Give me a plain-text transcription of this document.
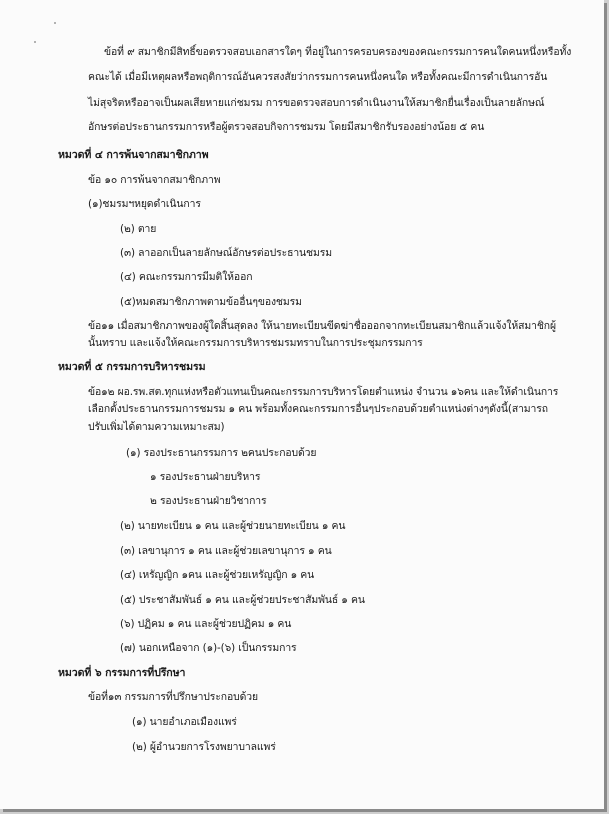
ข้อที่ ๙ สมาชิกมีสิทธิ์ขอตรวจสอบเอกสารใดๆ ที่อยู่ในการครอบครองของคณะกรรมการคนใดคนหนึ่งหรือทั้ง
คณะได้ เมื่อมีเหตุผลหรือพฤติการณ์อันควรสงสัยว่ากรรมการคนหนึ่งคนใด หรือทั้งคณะมีการดำเนินการอัน
ไม่สุจริตหรืออาจเป็นผลเสียหายแก่ชมรม การขอตรวจสอบการดำเนินงานให้สมาชิกยื่นเรื่องเป็นลายลักษณ์
อักษรต่อประธานกรรมการหรือผู้ตรวจสอบกิจการชมรม โดยมีสมาชิกรับรองอย่างน้อย ๕ คน
หมวดที่ ๔ การพ้นจากสมาชิกภาพ
ข้อ ๑๐ การพ้นจากสมาชิกภาพ
(๑)ชมรมฯหยุดดำเนินการ
(๒) ตาย
(๓) ลาออกเป็นลายลักษณ์อักษรต่อประธานชมรม
(๔) คณะกรรมการมีมติให้ออก
(๕)หมดสมาชิกภาพตามข้ออื่นๆของชมรม
ข้อ๑๑ เมื่อสมาชิกภาพของผู้ใดสิ้นสุดลง ให้นายทะเบียนขีดฆ่าชื่อออกจากทะเบียนสมาชิกแล้วแจ้งให้สมาชิกผู้
นั้นทราบ และแจ้งให้คณะกรรมการบริหารชมรมทราบในการประชุมกรรมการ
หมวดที่ ๕ กรรมการบริหารชมรม
ข้อ๑๒ ผอ.รพ.สต.ทุกแห่งหรือตัวแทนเป็นคณะกรรมการบริหารโดยตำแหน่ง จำนวน ๑๖คน และให้ดำเนินการ
เลือกตั้งประธานกรรมการชมรม ๑ คน พร้อมทั้งคณะกรรมการอื่นๆประกอบด้วยตำแหน่งต่างๆดังนี้(สามารถ
ปรับเพิ่มได้ตามความเหมาะสม)
(๑) รองประธานกรรมการ ๒คนประกอบด้วย
๑ รองประธานฝ่ายบริหาร
๒ รองประธานฝ่ายวิชาการ
(๒) นายทะเบียน ๑ คน และผู้ช่วยนายทะเบียน ๑ คน
(๓) เลขานุการ ๑ คน และผู้ช่วยเลขานุการ ๑ คน
(๔) เหรัญญิก ๑คน และผู้ช่วยเหรัญญิก ๑ คน
(๕) ประชาสัมพันธ์ ๑ คน และผู้ช่วยประชาสัมพันธ์ ๑ คน
(๖) ปฏิคม ๑ คน และผู้ช่วยปฏิคม ๑ คน
(๗) นอกเหนือจาก (๑)-(๖) เป็นกรรมการ
หมวดที่ ๖ กรรมการที่ปรึกษา
ข้อที่๑๓ กรรมการที่ปรึกษาประกอบด้วย
(๑) นายอำเภอเมืองแพร่
(๒) ผู้อำนวยการโรงพยาบาลแพร่
